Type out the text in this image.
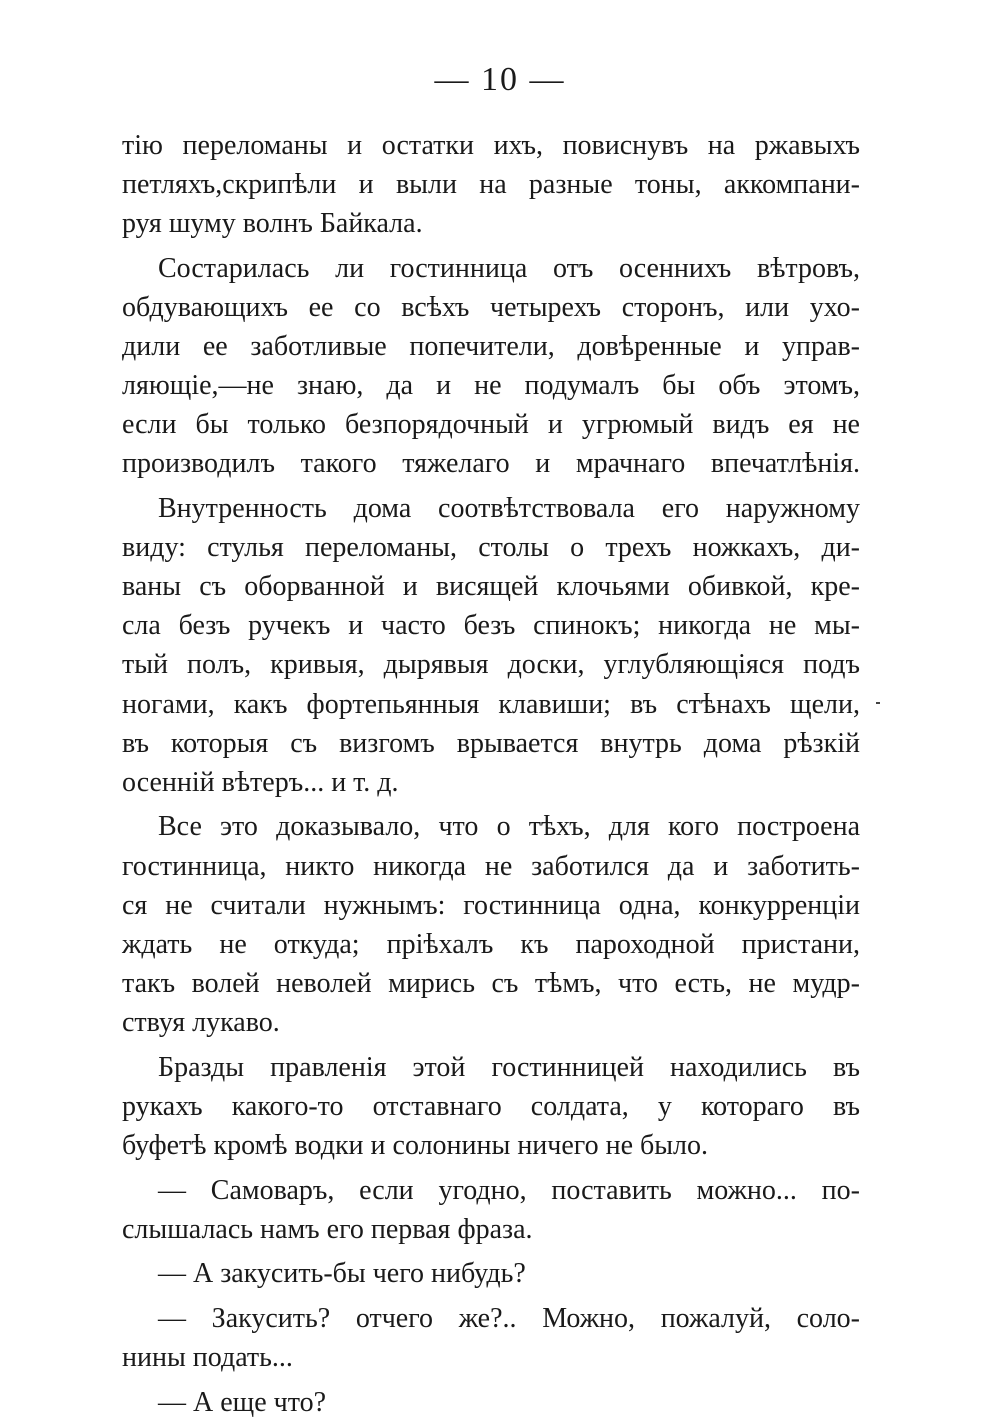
— 10 —
тію переломаны и остатки ихъ, повиснувъ на ржавыхъ
петляхъ,скрипѣли и выли на разные тоны, аккомпани-
руя шуму волнъ Байкала.
Состарилась ли гостинница отъ осеннихъ вѣтровъ,
обдувающихъ ее со всѣхъ четырехъ сторонъ, или ухо-
дили ее заботливые попечители, довѣренные и управ-
ляющіе,—не знаю, да и не подумалъ бы объ этомъ,
если бы только безпорядочный и угрюмый видъ ея не
производилъ такого тяжелаго и мрачнаго впечатлѣнія.
Внутренность дома соотвѣтствовала его наружному
виду: стулья переломаны, столы о трехъ ножкахъ, ди-
ваны съ оборванной и висящей клочьями обивкой, кре-
сла безъ ручекъ и часто безъ спинокъ; никогда не мы-
тый полъ, кривыя, дырявыя доски, углубляющіяся подъ
ногами, какъ фортепьянныя клавиши; въ стѣнахъ щели,
въ которыя съ визгомъ врывается внутрь дома рѣзкій
осенній вѣтеръ... и т. д.
Все это доказывало, что о тѣхъ, для кого построена
гостинница, никто никогда не заботился да и заботить-
ся не считали нужнымъ: гостинница одна, конкурренціи
ждать не откуда; пріѣхалъ къ пароходной пристани,
такъ волей неволей мирись съ тѣмъ, что есть, не мудр-
ствуя лукаво.
Бразды правленія этой гостинницей находились въ
рукахъ какого-то отставнаго солдата, у котораго въ
буфетѣ кромѣ водки и солонины ничего не было.
— Самоваръ, если угодно, поставить можно... по-
слышалась намъ его первая фраза.
— А закусить-бы чего нибудь?
— Закусить? отчего же?.. Можно, пожалуй, соло-
нины подать...
— А еще что?
